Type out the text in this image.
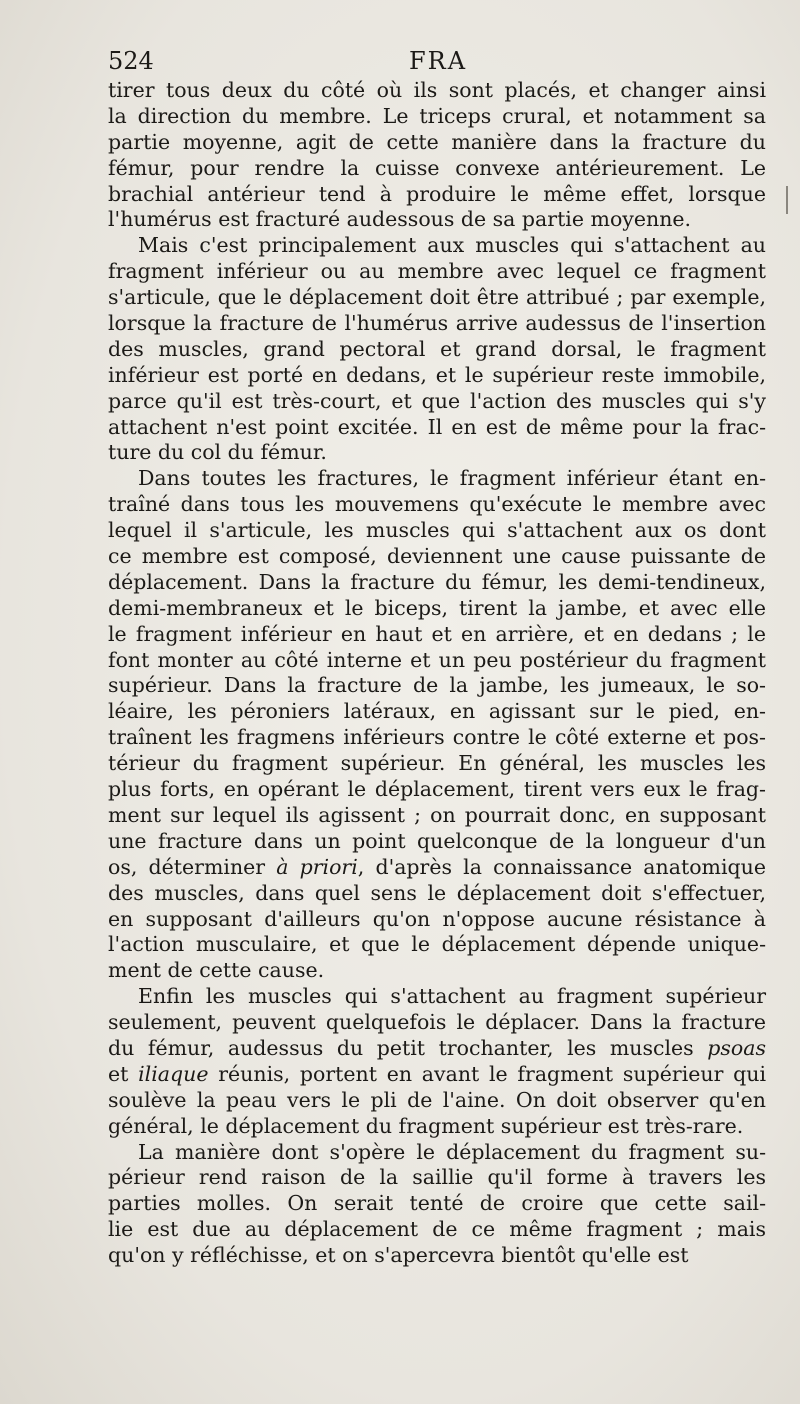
524	FRA
tirer tous deux du côté où ils sont placés, et changer ainsi
la direction du membre. Le triceps crural, et notamment sa
partie moyenne, agit de cette manière dans la fracture du
fémur, pour rendre la cuisse convexe antérieurement. Le
brachial antérieur tend à produire le même effet, lorsque
l'humérus est fracturé audessous de sa partie moyenne.
Mais c'est principalement aux muscles qui s'attachent au
fragment inférieur ou au membre avec lequel ce fragment
s'articule, que le déplacement doit être attribué ; par exemple,
lorsque la fracture de l'humérus arrive audessus de l'insertion
des muscles, grand pectoral et grand dorsal, le fragment
inférieur est porté en dedans, et le supérieur reste immobile,
parce qu'il est très-court, et que l'action des muscles qui s'y
attachent n'est point excitée. Il en est de même pour la frac-
ture du col du fémur.
Dans toutes les fractures, le fragment inférieur étant en-
traîné dans tous les mouvemens qu'exécute le membre avec
lequel il s'articule, les muscles qui s'attachent aux os dont
ce membre est composé, deviennent une cause puissante de
déplacement. Dans la fracture du fémur, les demi-tendineux,
demi-membraneux et le biceps, tirent la jambe, et avec elle
le fragment inférieur en haut et en arrière, et en dedans ; le
font monter au côté interne et un peu postérieur du fragment
supérieur. Dans la fracture de la jambe, les jumeaux, le so-
léaire, les péroniers latéraux, en agissant sur le pied, en-
traînent les fragmens inférieurs contre le côté externe et pos-
térieur du fragment supérieur. En général, les muscles les
plus forts, en opérant le déplacement, tirent vers eux le frag-
ment sur lequel ils agissent ; on pourrait donc, en supposant
une fracture dans un point quelconque de la longueur d'un
os, déterminer à priori, d'après la connaissance anatomique
des muscles, dans quel sens le déplacement doit s'effectuer,
en supposant d'ailleurs qu'on n'oppose aucune résistance à
l'action musculaire, et que le déplacement dépende unique-
ment de cette cause.
Enfin les muscles qui s'attachent au fragment supérieur
seulement, peuvent quelquefois le déplacer. Dans la fracture
du fémur, audessus du petit trochanter, les muscles psoas
et iliaque réunis, portent en avant le fragment supérieur qui
soulève la peau vers le pli de l'aine. On doit observer qu'en
général, le déplacement du fragment supérieur est très-rare.
La manière dont s'opère le déplacement du fragment su-
périeur rend raison de la saillie qu'il forme à travers les
parties molles. On serait tenté de croire que cette sail-
lie est due au déplacement de ce même fragment ; mais
qu'on y réfléchisse, et on s'apercevra bientôt qu'elle est
